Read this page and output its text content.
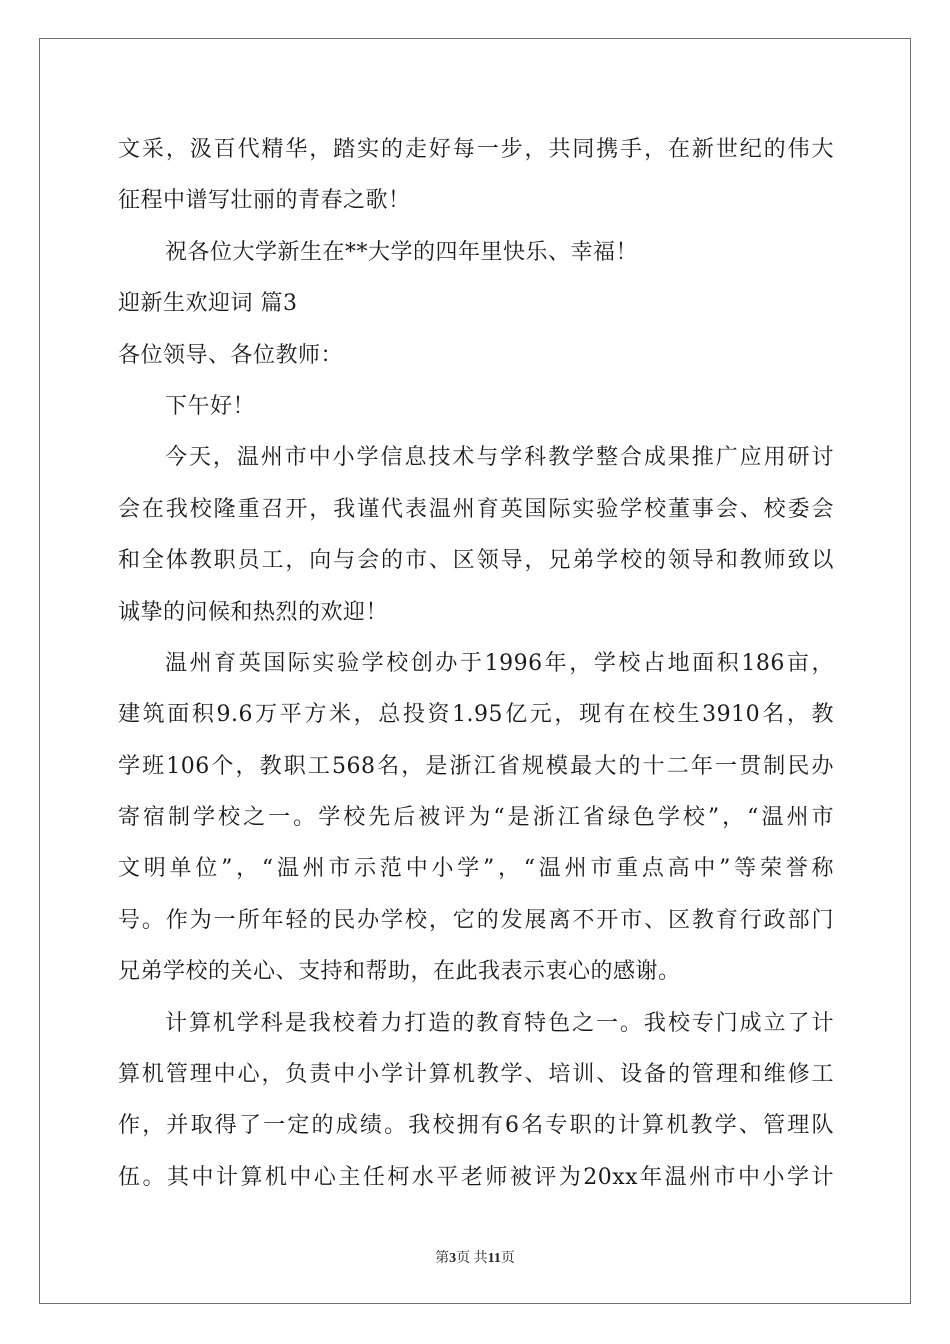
文采，汲百代精华，踏实的走好每一步，共同携手，在新世纪的伟大
征程中谱写壮丽的青春之歌！
祝各位大学新生在**大学的四年里快乐、幸福！
迎新生欢迎词 篇3
各位领导、各位教师：
下午好！
今天，温州市中小学信息技术与学科教学整合成果推广应用研讨
会在我校隆重召开，我谨代表温州育英国际实验学校董事会、校委会
和全体教职员工，向与会的市、区领导，兄弟学校的领导和教师致以
诚挚的问候和热烈的欢迎！
温州育英国际实验学校创办于1996年，学校占地面积186亩，
建筑面积9.6万平方米，总投资1.95亿元，现有在校生3910名，教
学班106个，教职工568名，是浙江省规模最大的十二年一贯制民办
寄宿制学校之一。学校先后被评为“是浙江省绿色学校”，“温州市
文明单位”，“温州市示范中小学”，“温州市重点高中”等荣誉称
号。作为一所年轻的民办学校，它的发展离不开市、区教育行政部门
兄弟学校的关心、支持和帮助，在此我表示衷心的感谢。
计算机学科是我校着力打造的教育特色之一。我校专门成立了计
算机管理中心，负责中小学计算机教学、培训、设备的管理和维修工
作，并取得了一定的成绩。我校拥有6名专职的计算机教学、管理队
伍。其中计算机中心主任柯水平老师被评为20xx年温州市中小学计
第3页 共11页
